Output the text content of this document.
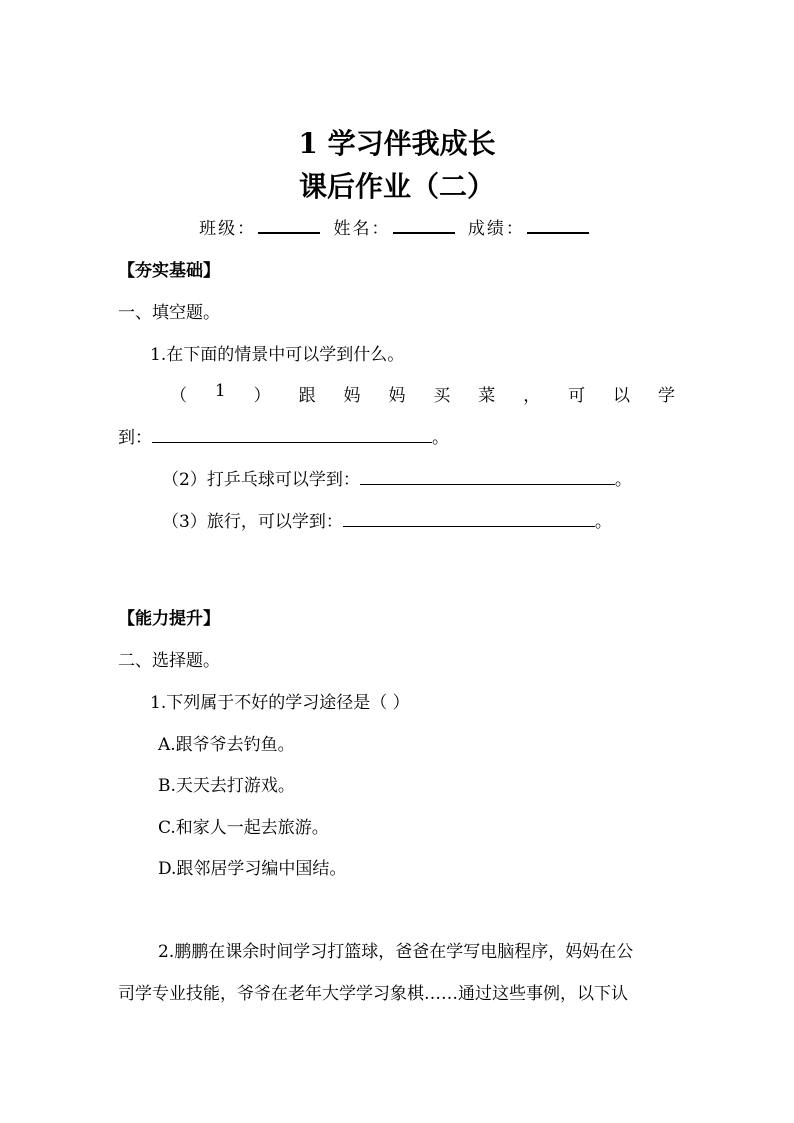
1 学习伴我成长
课后作业（二）
班级：	姓名：	成绩：
【夯实基础】
一、填空题。
1.在下面的情景中可以学到什么。
（ 1 ） 跟 妈 妈 买 菜 ， 可 以 学
到：	。
（2）打乒乓球可以学到：	。
（3）旅行，可以学到：	。
【能力提升】
二、选择题。
1.下列属于不好的学习途径是（ ）
A.跟爷爷去钓鱼。
B.天天去打游戏。
C.和家人一起去旅游。
D.跟邻居学习编中国结。
2.鹏鹏在课余时间学习打篮球，爸爸在学写电脑程序，妈妈在公
司学专业技能，爷爷在老年大学学习象棋……通过这些事例，以下认
